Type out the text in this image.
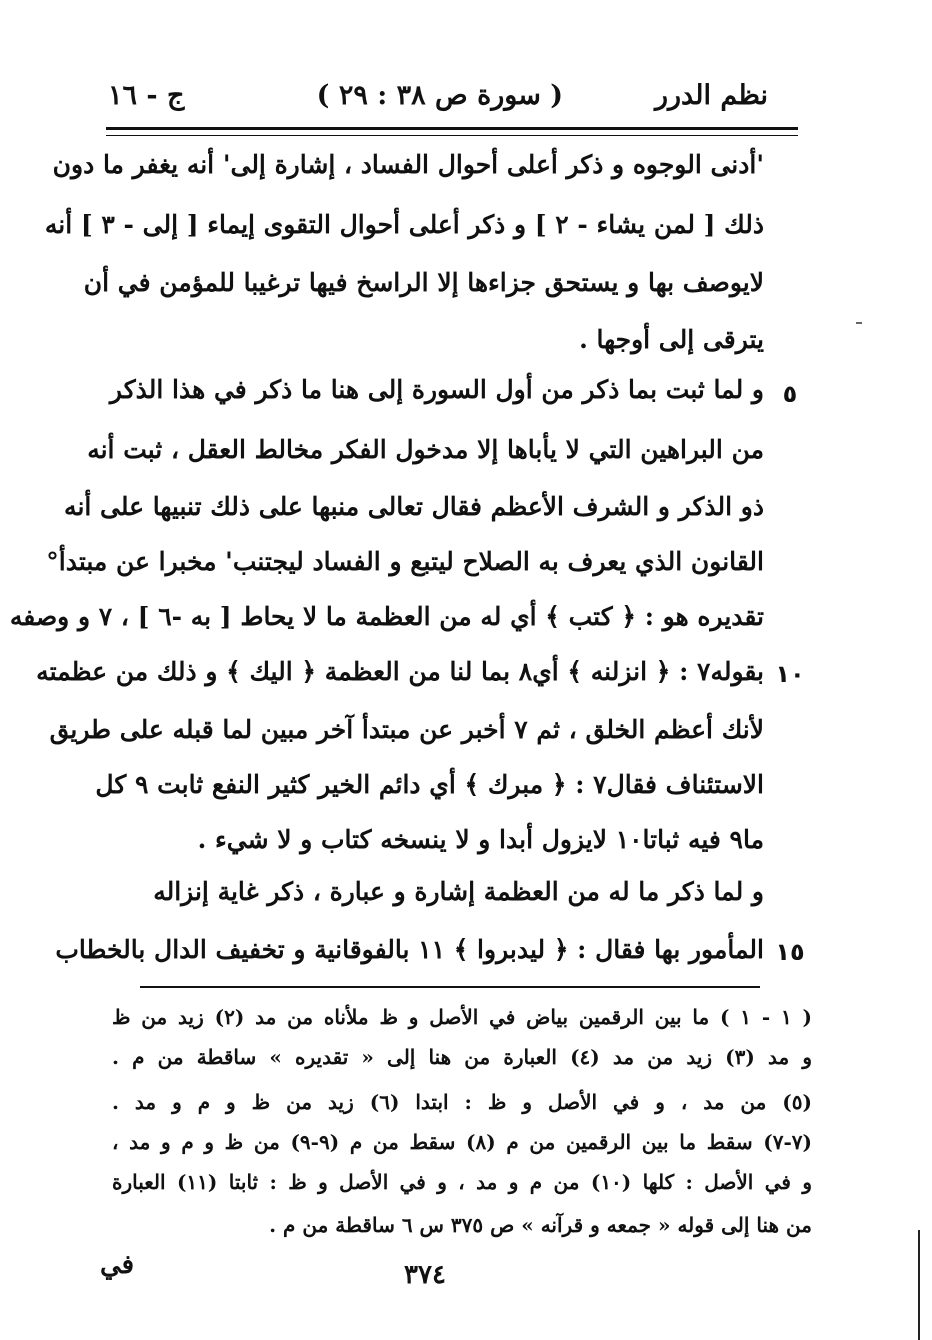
نظم الدرر
( سورة ص ٣٨ : ٢٩ )
ج - ١٦
'أدنى الوجوه و ذكر أعلى أحوال الفساد ، إشارة إلى' أنه يغفر ما دون
ذلك [ لمن يشاء - ٢ ] و ذكر أعلى أحوال التقوى إيماء [ إلى - ٣ ] أنه
لايوصف بها و يستحق جزاءها إلا الراسخ فيها ترغيبا للمؤمن في أن
يترقى إلى أوجها .
٥
و لما ثبت بما ذكر من أول السورة إلى هنا ما ذكر في هذا الذكر
من البراهين التي لا يأباها إلا مدخول الفكر مخالط العقل ، ثبت أنه
ذو الذكر و الشرف الأعظم فقال تعالى منبها على ذلك تنبيها على أنه
القانون الذي يعرف به الصلاح ليتبع و الفساد ليجتنب' مخبرا عن مبتدأ°
تقديره هو : ﴿ كتب ﴾ أي له من العظمة ما لا يحاط [ به -٦ ] ، ٧ و وصفه
١٠
بقوله٧ : ﴿ انزلنه ﴾ أي٨ بما لنا من العظمة ﴿ اليك ﴾ و ذلك من عظمته
لأنك أعظم الخلق ، ثم ٧ أخبر عن مبتدأ آخر مبين لما قبله على طريق
الاستئناف فقال٧ : ﴿ مبرك ﴾ أي دائم الخير كثير النفع ثابت ٩ كل
ما٩ فيه ثباتا١٠ لايزول أبدا و لا ينسخه كتاب و لا شيء .
و لما ذكر ما له من العظمة إشارة و عبارة ، ذكر غاية إنزاله
١٥
المأمور بها فقال : ﴿ ليدبروا ﴾ ١١ بالفوقانية و تخفيف الدال بالخطاب
( ١ - ١ ) ما بين الرقمين بياض في الأصل و ظ ملأناه من مد (٢) زيد من ظ
و مد (٣) زيد من مد (٤) العبارة من هنا إلى « تقديره » ساقطة من م .
(٥) من مد ، و في الأصل و ظ : ابتدا (٦) زيد من ظ و م و مد .
(٧-٧) سقط ما بين الرقمين من م (٨) سقط من م (٩-٩) من ظ و م و مد ،
و في الأصل : كلها (١٠) من م و مد ، و في الأصل و ظ : ثابتا (١١) العبارة
من هنا إلى قوله « جمعه و قرآنه » ص ٣٧٥ س ٦ ساقطة من م .
٣٧٤
في
